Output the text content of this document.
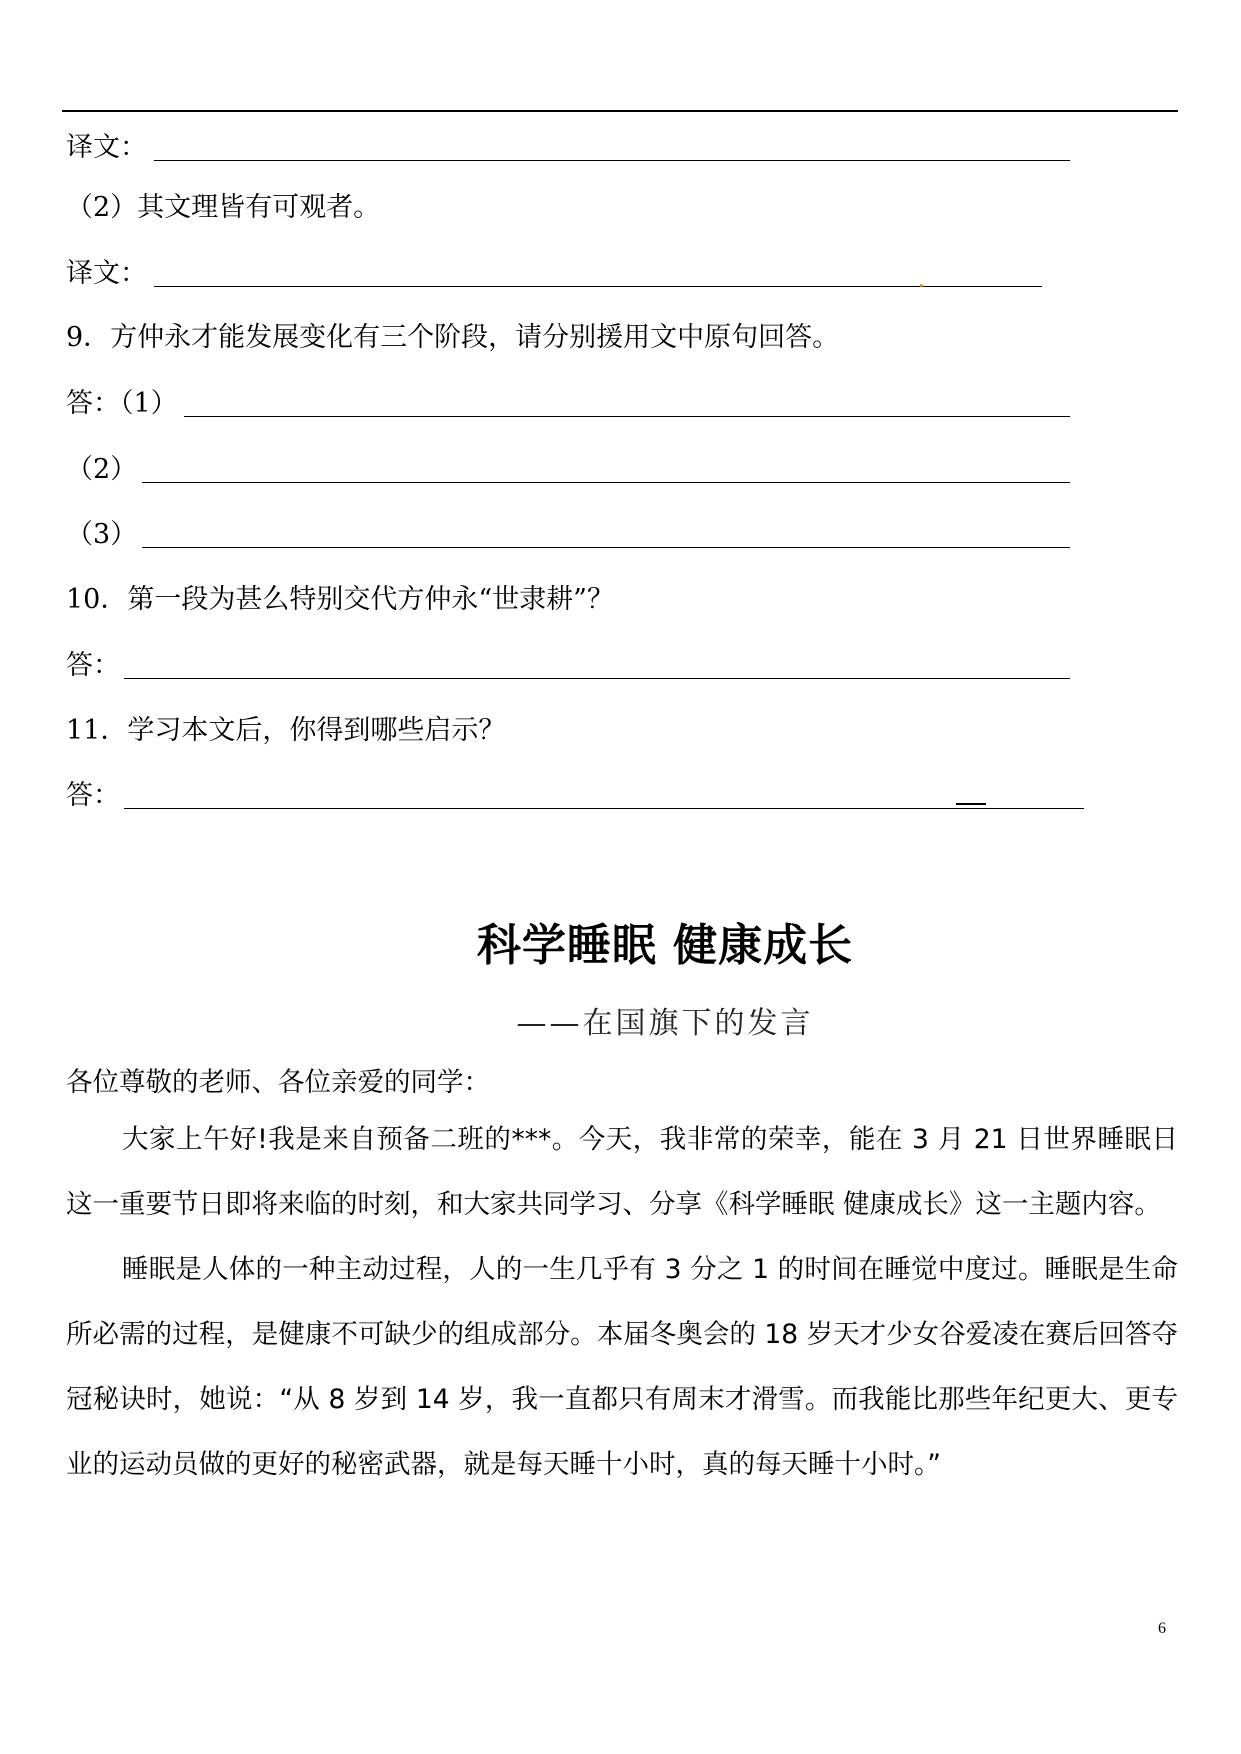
译文：
（2）其文理皆有可观者。
译文：
9．方仲永才能发展变化有三个阶段，请分别援用文中原句回答。
答：（1）
（2）
（3）
10．第一段为甚么特别交代方仲永“世隶耕”？
答：
11．学习本文后，你得到哪些启示？
答：
科学睡眠 健康成长
——在国旗下的发言
各位尊敬的老师、各位亲爱的同学：

大家上午好!我是来自预备二班的***。今天，我非常的荣幸，能在 3 月 21 日世界睡眠日这一重要节日即将来临的时刻，和大家共同学习、分享《科学睡眠 健康成长》这一主题内容。

睡眠是人体的一种主动过程，人的一生几乎有 3 分之 1 的时间在睡觉中度过。睡眠是生命所必需的过程，是健康不可缺少的组成部分。本届冬奥会的 18 岁天才少女谷爱凌在赛后回答夺冠秘诀时，她说：“从 8 岁到 14 岁，我一直都只有周末才滑雪。而我能比那些年纪更大、更专业的运动员做的更好的秘密武器，就是每天睡十小时，真的每天睡十小时。”

6
